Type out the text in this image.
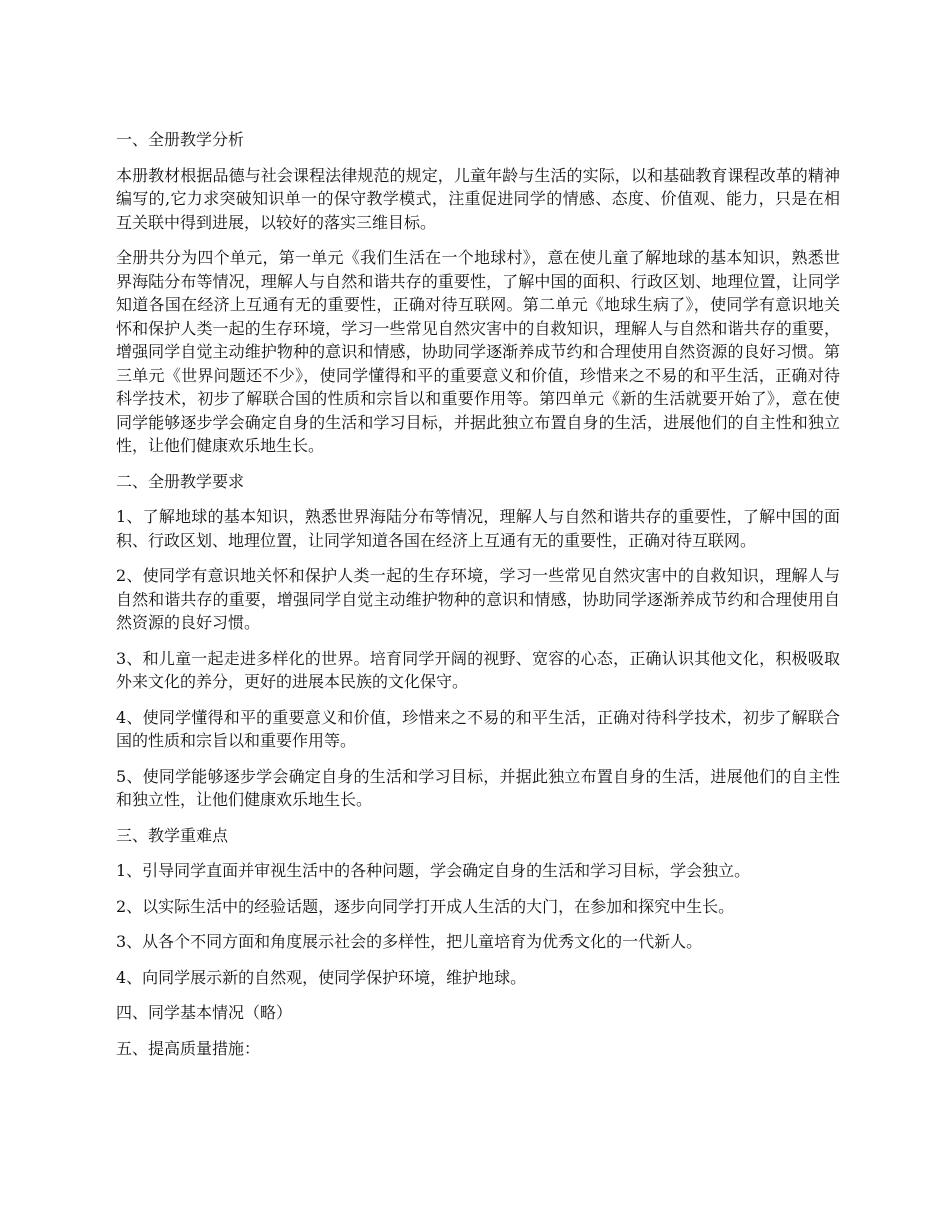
一、全册教学分析

本册教材根据品德与社会课程法律规范的规定，儿童年龄与生活的实际，以和基础教育课程改革的精神编写的,它力求突破知识单一的保守教学模式，注重促进同学的情感、态度、价值观、能力，只是在相互关联中得到进展，以较好的落实三维目标。

全册共分为四个单元，第一单元《我们生活在一个地球村》，意在使儿童了解地球的基本知识，熟悉世界海陆分布等情况，理解人与自然和谐共存的重要性，了解中国的面积、行政区划、地理位置，让同学知道各国在经济上互通有无的重要性，正确对待互联网。第二单元《地球生病了》，使同学有意识地关怀和保护人类一起的生存环境，学习一些常见自然灾害中的自救知识，理解人与自然和谐共存的重要，增强同学自觉主动维护物种的意识和情感，协助同学逐渐养成节约和合理使用自然资源的良好习惯。第三单元《世界问题还不少》，使同学懂得和平的重要意义和价值，珍惜来之不易的和平生活，正确对待科学技术，初步了解联合国的性质和宗旨以和重要作用等。第四单元《新的生活就要开始了》，意在使同学能够逐步学会确定自身的生活和学习目标，并据此独立布置自身的生活，进展他们的自主性和独立性，让他们健康欢乐地生长。

二、全册教学要求

1、了解地球的基本知识，熟悉世界海陆分布等情况，理解人与自然和谐共存的重要性，了解中国的面积、行政区划、地理位置，让同学知道各国在经济上互通有无的重要性，正确对待互联网。

2、使同学有意识地关怀和保护人类一起的生存环境，学习一些常见自然灾害中的自救知识，理解人与自然和谐共存的重要，增强同学自觉主动维护物种的意识和情感，协助同学逐渐养成节约和合理使用自然资源的良好习惯。

3、和儿童一起走进多样化的世界。培育同学开阔的视野、宽容的心态，正确认识其他文化，积极吸取外来文化的养分，更好的进展本民族的文化保守。

4、使同学懂得和平的重要意义和价值，珍惜来之不易的和平生活，正确对待科学技术，初步了解联合国的性质和宗旨以和重要作用等。

5、使同学能够逐步学会确定自身的生活和学习目标，并据此独立布置自身的生活，进展他们的自主性和独立性，让他们健康欢乐地生长。

三、教学重难点

1、引导同学直面并审视生活中的各种问题，学会确定自身的生活和学习目标，学会独立。

2、以实际生活中的经验话题，逐步向同学打开成人生活的大门，在参加和探究中生长。

3、从各个不同方面和角度展示社会的多样性，把儿童培育为优秀文化的一代新人。

4、向同学展示新的自然观，使同学保护环境，维护地球。

四、同学基本情况（略）

五、提高质量措施：
